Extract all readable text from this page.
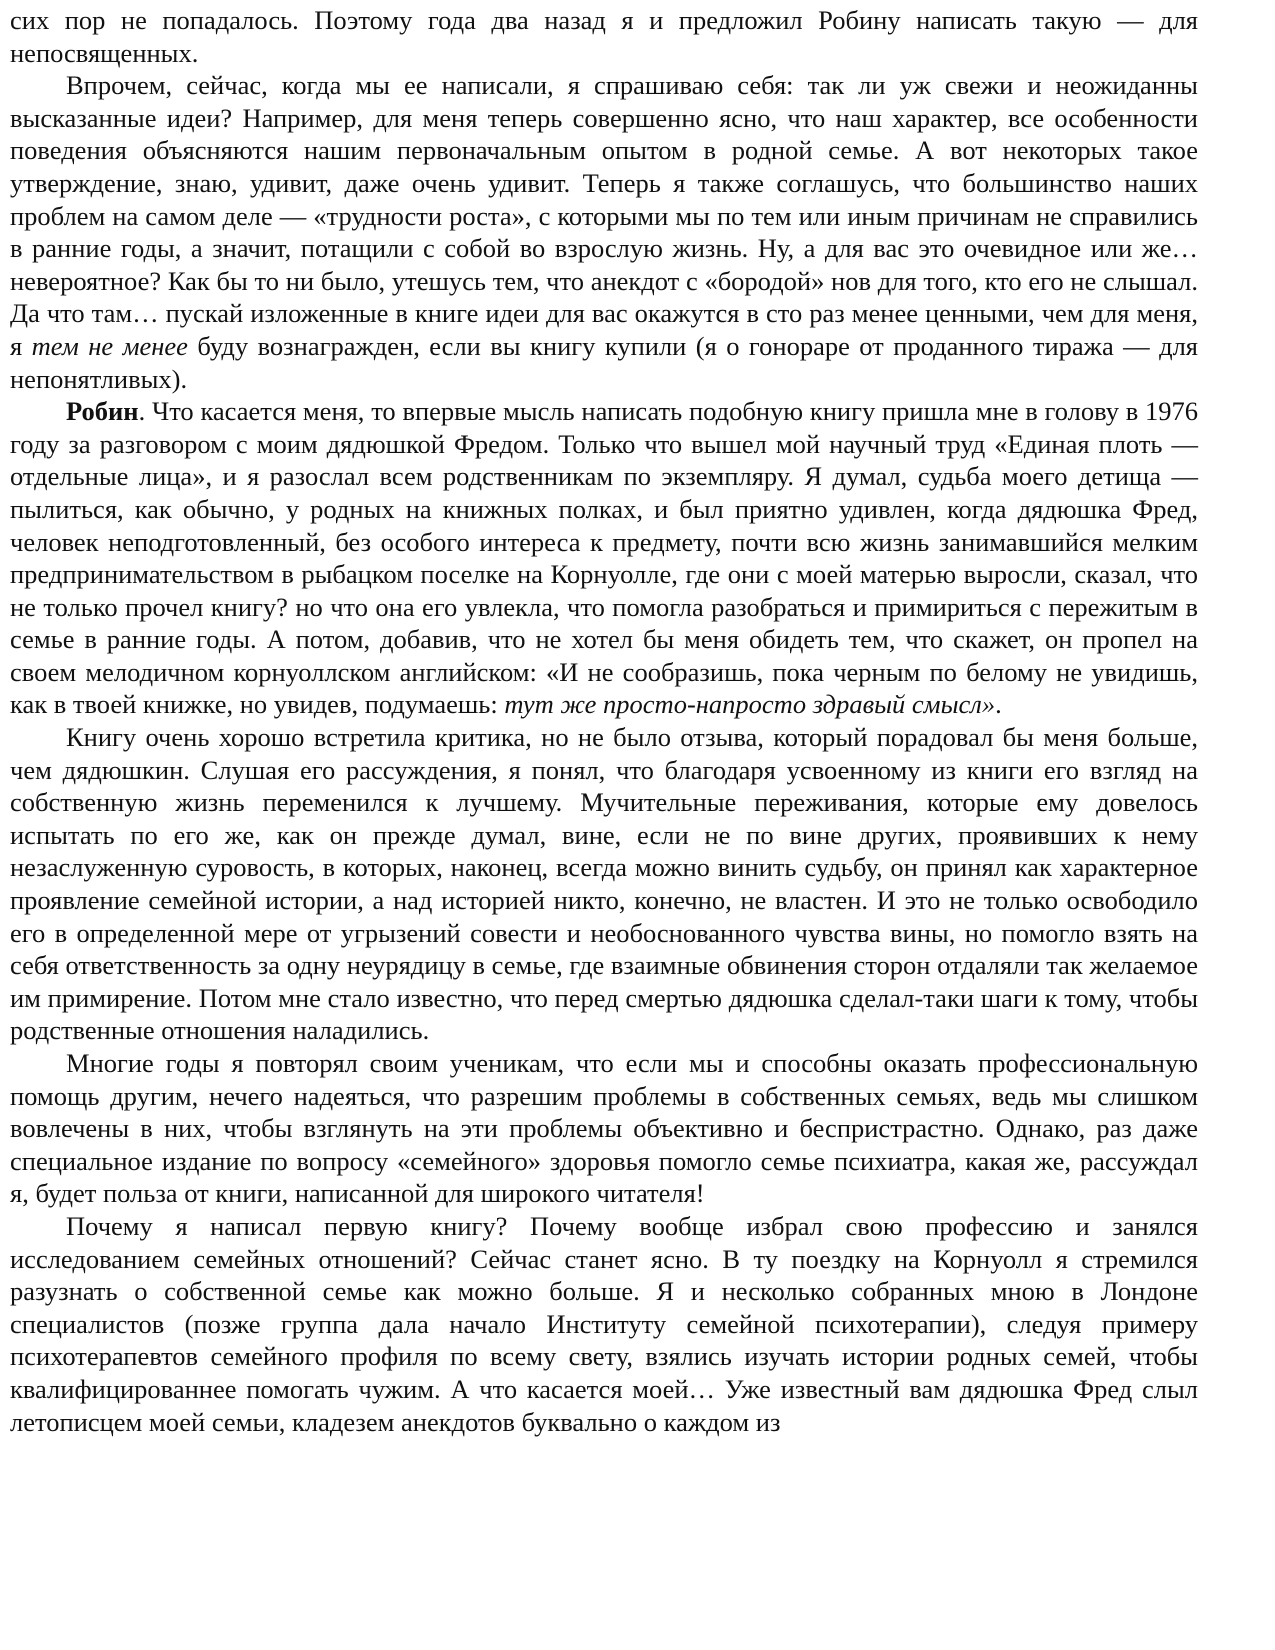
сих пор не попадалось. Поэтому года два назад я и предложил Робину написать такую — для непосвященных.

Впрочем, сейчас, когда мы ее написали, я спрашиваю себя: так ли уж свежи и неожиданны высказанные идеи? Например, для меня теперь совершенно ясно, что наш характер, все особенности поведения объясняются нашим первоначальным опытом в родной семье. А вот некоторых такое утверждение, знаю, удивит, даже очень удивит. Теперь я также соглашусь, что большинство наших проблем на самом деле — «трудности роста», с которыми мы по тем или иным причинам не справились в ранние годы, а значит, потащили с собой во взрослую жизнь. Ну, а для вас это очевидное или же… невероятное? Как бы то ни было, утешусь тем, что анекдот с «бородой» нов для того, кто его не слышал. Да что там… пускай изложенные в книге идеи для вас окажутся в сто раз менее ценными, чем для меня, я тем не менее буду вознагражден, если вы книгу купили (я о гонораре от проданного тиража — для непонятливых).

Робин. Что касается меня, то впервые мысль написать подобную книгу пришла мне в голову в 1976 году за разговором с моим дядюшкой Фредом. Только что вышел мой научный труд «Единая плоть — отдельные лица», и я разослал всем родственникам по экземпляру. Я думал, судьба моего детища — пылиться, как обычно, у родных на книжных полках, и был приятно удивлен, когда дядюшка Фред, человек неподготовленный, без особого интереса к предмету, почти всю жизнь занимавшийся мелким предпринимательством в рыбацком поселке на Корнуолле, где они с моей матерью выросли, сказал, что не только прочел книгу? но что она его увлекла, что помогла разобраться и примириться с пережитым в семье в ранние годы. А потом, добавив, что не хотел бы меня обидеть тем, что скажет, он пропел на своем мелодичном корнуоллском английском: «И не сообразишь, пока черным по белому не увидишь, как в твоей книжке, но увидев, подумаешь: тут же просто-напросто здравый смысл».

Книгу очень хорошо встретила критика, но не было отзыва, который порадовал бы меня больше, чем дядюшкин. Слушая его рассуждения, я понял, что благодаря усвоенному из книги его взгляд на собственную жизнь переменился к лучшему. Мучительные переживания, которые ему довелось испытать по его же, как он прежде думал, вине, если не по вине других, проявивших к нему незаслуженную суровость, в которых, наконец, всегда можно винить судьбу, он принял как характерное проявление семейной истории, а над историей никто, конечно, не властен. И это не только освободило его в определенной мере от угрызений совести и необоснованного чувства вины, но помогло взять на себя ответственность за одну неурядицу в семье, где взаимные обвинения сторон отдаляли так желаемое им примирение. Потом мне стало известно, что перед смертью дядюшка сделал-таки шаги к тому, чтобы родственные отношения наладились.

Многие годы я повторял своим ученикам, что если мы и способны оказать профессиональную помощь другим, нечего надеяться, что разрешим проблемы в собственных семьях, ведь мы слишком вовлечены в них, чтобы взглянуть на эти проблемы объективно и беспристрастно. Однако, раз даже специальное издание по вопросу «семейного» здоровья помогло семье психиатра, какая же, рассуждал я, будет польза от книги, написанной для широкого читателя!

Почему я написал первую книгу? Почему вообще избрал свою профессию и занялся исследованием семейных отношений? Сейчас станет ясно. В ту поездку на Корнуолл я стремился разузнать о собственной семье как можно больше. Я и несколько собранных мною в Лондоне специалистов (позже группа дала начало Институту семейной психотерапии), следуя примеру психотерапевтов семейного профиля по всему свету, взялись изучать истории родных семей, чтобы квалифицированнее помогать чужим. А что касается моей… Уже известный вам дядюшка Фред слыл летописцем моей семьи, кладезем анекдотов буквально о каждом из
